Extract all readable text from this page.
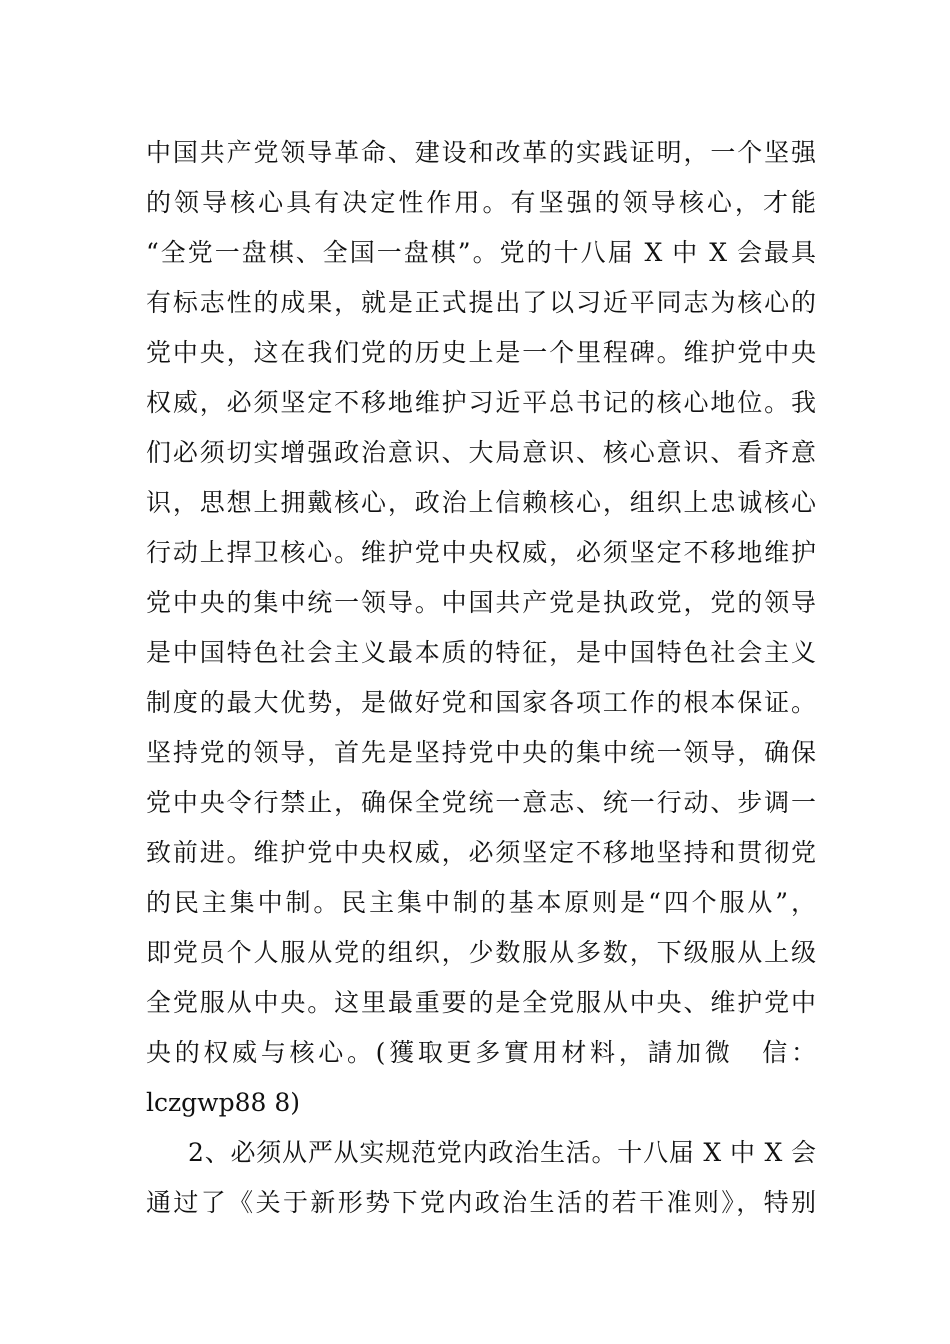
中国共产党领导革命、建设和改革的实践证明，一个坚强
的领导核心具有决定性作用。有坚强的领导核心，才能
“全党一盘棋、全国一盘棋”。党的十八届 X 中 X 会最具
有标志性的成果，就是正式提出了以习近平同志为核心的
党中央，这在我们党的历史上是一个里程碑。维护党中央
权威，必须坚定不移地维护习近平总书记的核心地位。我
们必须切实增强政治意识、大局意识、核心意识、看齐意
识，思想上拥戴核心，政治上信赖核心，组织上忠诚核心
行动上捍卫核心。维护党中央权威，必须坚定不移地维护
党中央的集中统一领导。中国共产党是执政党，党的领导
是中国特色社会主义最本质的特征，是中国特色社会主义
制度的最大优势，是做好党和国家各项工作的根本保证。
坚持党的领导，首先是坚持党中央的集中统一领导，确保
党中央令行禁止，确保全党统一意志、统一行动、步调一
致前进。维护党中央权威，必须坚定不移地坚持和贯彻党
的民主集中制。民主集中制的基本原则是“四个服从”，
即党员个人服从党的组织，少数服从多数，下级服从上级
全党服从中央。这里最重要的是全党服从中央、维护党中
央的权威与核心。(獲取更多實用材料，請加微　信：
lczgwp88 8)
2、必须从严从实规范党内政治生活。十八届 X 中 X 会
通过了《关于新形势下党内政治生活的若干准则》，特别
